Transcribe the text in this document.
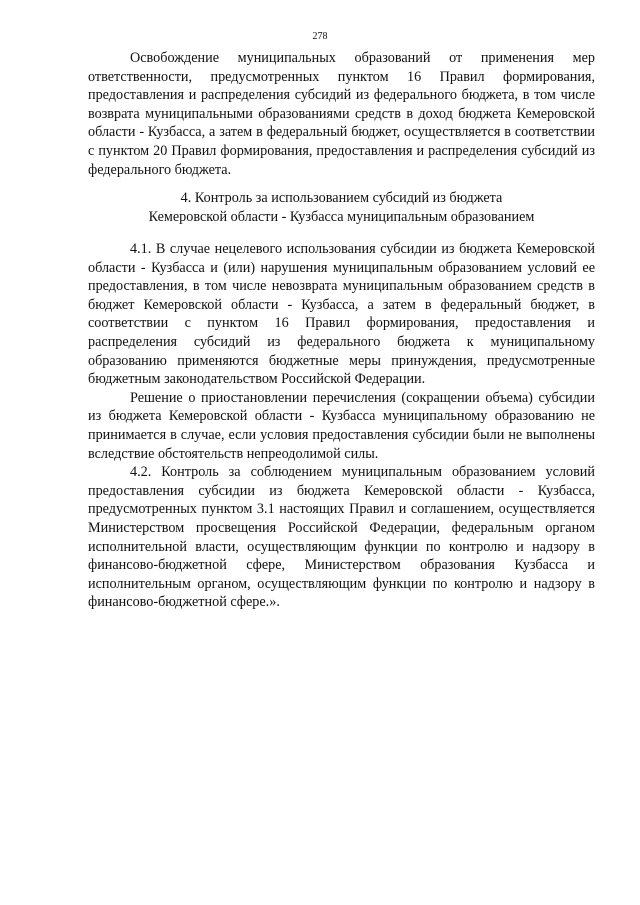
278

Освобождение муниципальных образований от применения мер ответственности, предусмотренных пунктом 16 Правил формирования, предоставления и распределения субсидий из федерального бюджета, в том числе возврата муниципальными образованиями средств в доход бюджета Кемеровской области - Кузбасса, а затем в федеральный бюджет, осуществляется в соответствии с пунктом 20 Правил формирования, предоставления и распределения субсидий из федерального бюджета.

4. Контроль за использованием субсидий из бюджета

Кемеровской области - Кузбасса муниципальным образованием

4.1. В случае нецелевого использования субсидии из бюджета Кемеровской области - Кузбасса и (или) нарушения муниципальным образованием условий ее предоставления, в том числе невозврата муниципальным образованием средств в бюджет Кемеровской области - Кузбасса, а затем в федеральный бюджет, в соответствии с пунктом 16 Правил формирования, предоставления и распределения субсидий из федерального бюджета к муниципальному образованию применяются бюджетные меры принуждения, предусмотренные бюджетным законодательством Российской Федерации.

Решение о приостановлении перечисления (сокращении объема) субсидии из бюджета Кемеровской области - Кузбасса муниципальному образованию не принимается в случае, если условия предоставления субсидии были не выполнены вследствие обстоятельств непреодолимой силы.

4.2. Контроль за соблюдением муниципальным образованием условий предоставления субсидии из бюджета Кемеровской области - Кузбасса, предусмотренных пунктом 3.1 настоящих Правил и соглашением, осуществляется Министерством просвещения Российской Федерации, федеральным органом исполнительной власти, осуществляющим функции по контролю и надзору в финансово-бюджетной сфере, Министерством образования Кузбасса и исполнительным органом, осуществляющим функции по контролю и надзору в финансово-бюджетной сфере.».
